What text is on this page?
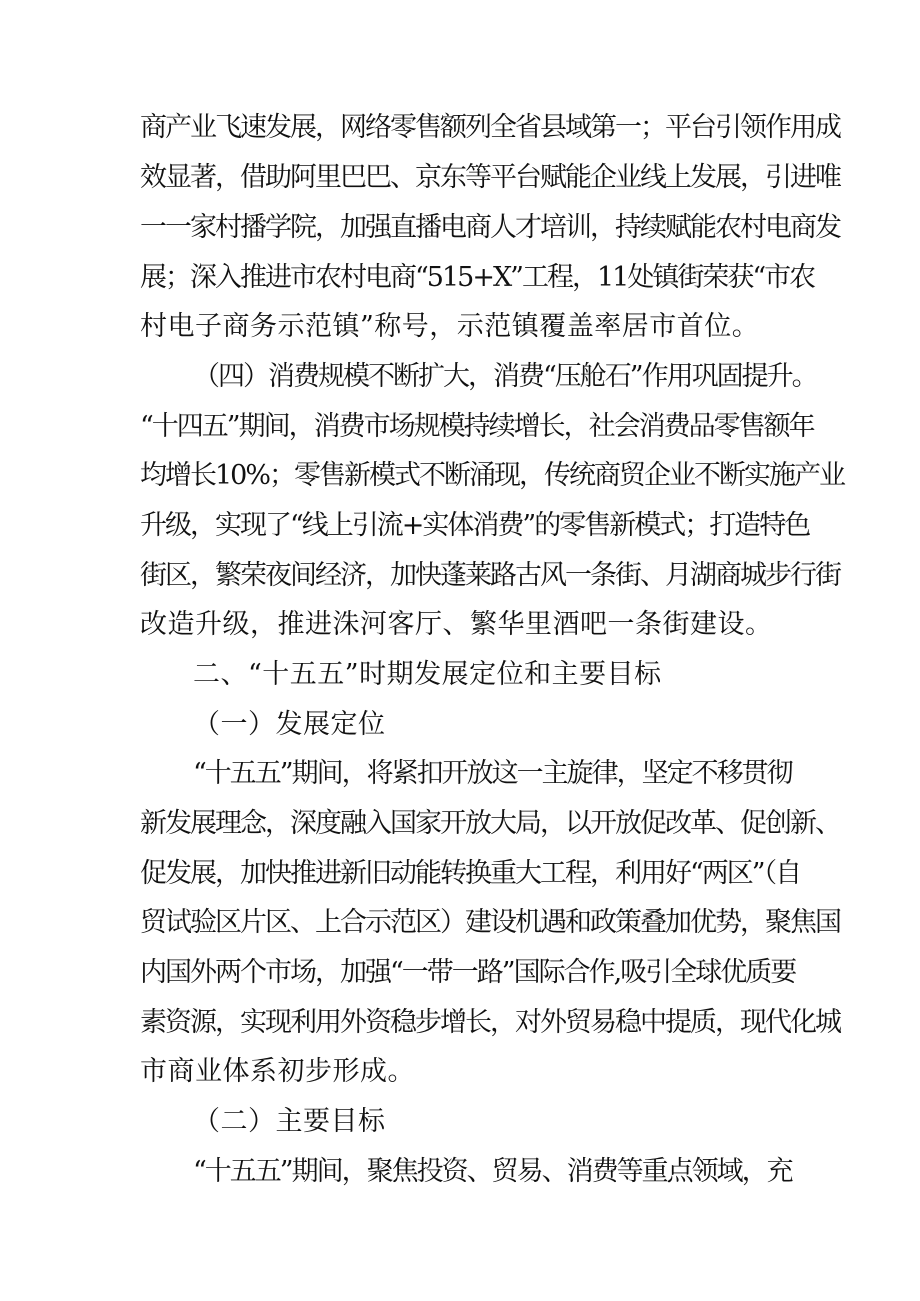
商产业飞速发展，网络零售额列全省县域第一；平台引领作用成
效显著，借助阿里巴巴、京东等平台赋能企业线上发展，引进唯
一一家村播学院，加强直播电商人才培训，持续赋能农村电商发
展；深入推进市农村电商“515+X”工程，11处镇街荣获“市农
村电子商务示范镇”称号，示范镇覆盖率居市首位。
（四）消费规模不断扩大，消费“压舱石”作用巩固提升。
“十四五”期间，消费市场规模持续增长，社会消费品零售额年
均增长10%；零售新模式不断涌现，传统商贸企业不断实施产业
升级，实现了“线上引流+实体消费”的零售新模式；打造特色
街区，繁荣夜间经济，加快蓬莱路古风一条街、月湖商城步行街
改造升级，推进洙河客厅、繁华里酒吧一条街建设。
二、“十五五”时期发展定位和主要目标
（一）发展定位
“十五五”期间，将紧扣开放这一主旋律，坚定不移贯彻
新发展理念，深度融入国家开放大局，以开放促改革、促创新、
促发展，加快推进新旧动能转换重大工程，利用好“两区”（自
贸试验区片区、上合示范区）建设机遇和政策叠加优势，聚焦国
内国外两个市场，加强“一带一路”国际合作,吸引全球优质要
素资源，实现利用外资稳步增长，对外贸易稳中提质，现代化城
市商业体系初步形成。
（二）主要目标
“十五五”期间，聚焦投资、贸易、消费等重点领域，充
